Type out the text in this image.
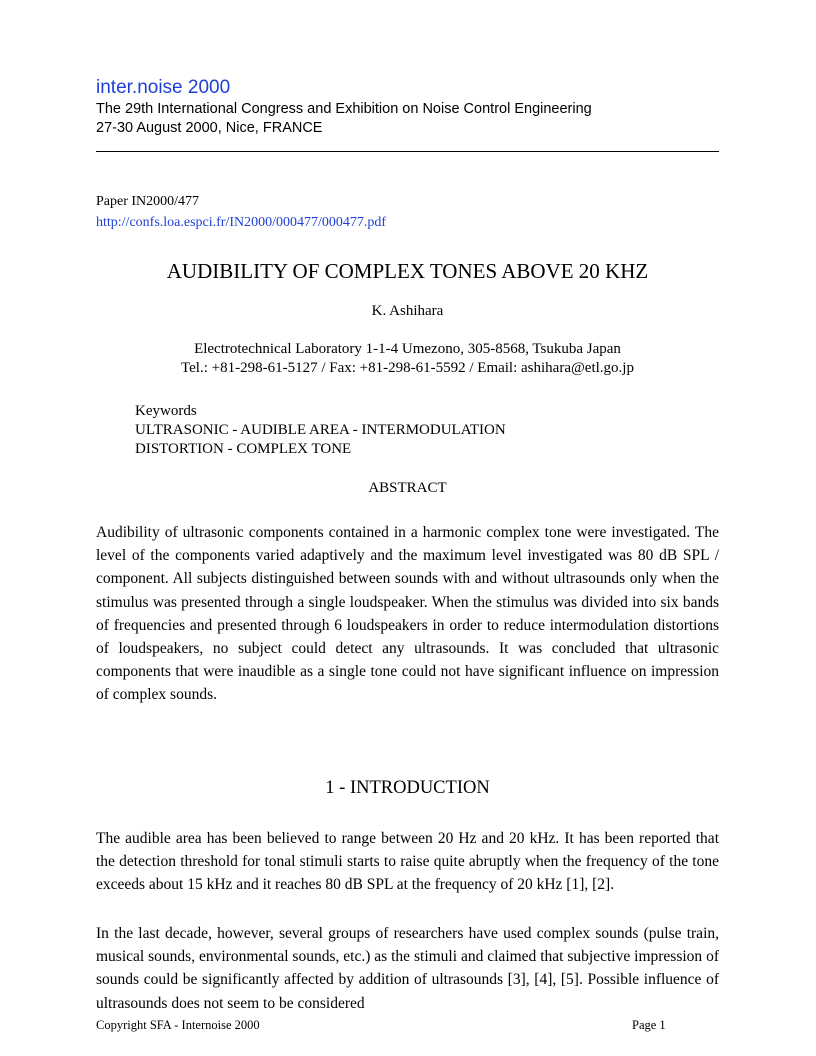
inter.noise 2000
The 29th International Congress and Exhibition on Noise Control Engineering
27-30 August 2000, Nice, FRANCE
Paper IN2000/477
http://confs.loa.espci.fr/IN2000/000477/000477.pdf
AUDIBILITY OF COMPLEX TONES ABOVE 20 KHZ
K. Ashihara
Electrotechnical Laboratory 1-1-4 Umezono, 305-8568, Tsukuba Japan
Tel.: +81-298-61-5127 / Fax: +81-298-61-5592 / Email: ashihara@etl.go.jp
Keywords
ULTRASONIC - AUDIBLE AREA - INTERMODULATION
DISTORTION - COMPLEX TONE
ABSTRACT

Audibility of ultrasonic components contained in a harmonic complex tone were investigated. The level of the components varied adaptively and the maximum level investigated was 80 dB SPL / component. All subjects distinguished between sounds with and without ultrasounds only when the stimulus was presented through a single loudspeaker. When the stimulus was divided into six bands of frequencies and presented through 6 loudspeakers in order to reduce intermodulation distortions of loudspeakers, no subject could detect any ultrasounds. It was concluded that ultrasonic components that were inaudible as a single tone could not have significant influence on impression of complex sounds.

1 - INTRODUCTION

The audible area has been believed to range between 20 Hz and 20 kHz. It has been reported that the detection threshold for tonal stimuli starts to raise quite abruptly when the frequency of the tone exceeds about 15 kHz and it reaches 80 dB SPL at the frequency of 20 kHz [1], [2].

In the last decade, however, several groups of researchers have used complex sounds (pulse train, musical sounds, environmental sounds, etc.) as the stimuli and claimed that subjective impression of sounds could be significantly affected by addition of ultrasounds [3], [4], [5]. Possible influence of ultrasounds does not seem to be considered

Copyright SFA - Internoise 2000	Page 1
